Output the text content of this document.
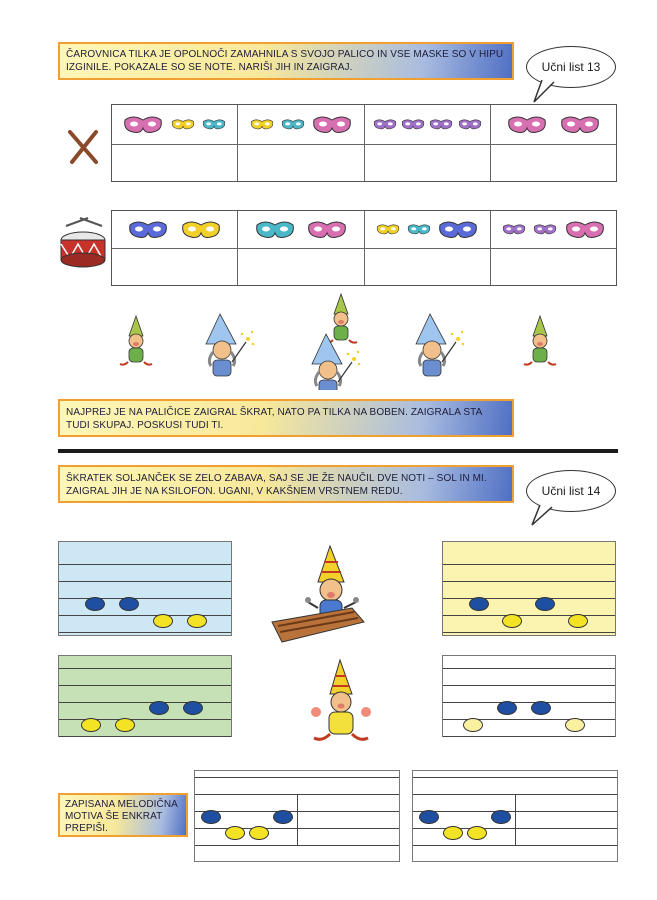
ČAROVNICA TILKA JE OPOLNOČI ZAMAHNILA S SVOJO PALICO IN VSE MASKE SO V HIPU IZGINILE. POKAZALE SO SE NOTE. NARIŠI JIH IN ZAIGRAJ.	Učni list 13
NAJPREJ JE NA PALIČICE ZAIGRAL ŠKRAT, NATO PA TILKA NA BOBEN. ZAIGRALA STA TUDI SKUPAJ. POSKUSI TUDI TI.
ŠKRATEK SOLJANČEK SE ZELO ZABAVA, SAJ SE JE ŽE NAUČIL DVE NOTI – SOL IN MI. ZAIGRAL JIH JE NA KSILOFON. UGANI, V KAKŠNEM VRSTNEM REDU.	Učni list 14
ZAPISANA MELODIČNA MOTIVA ŠE ENKRAT PREPIŠI.
